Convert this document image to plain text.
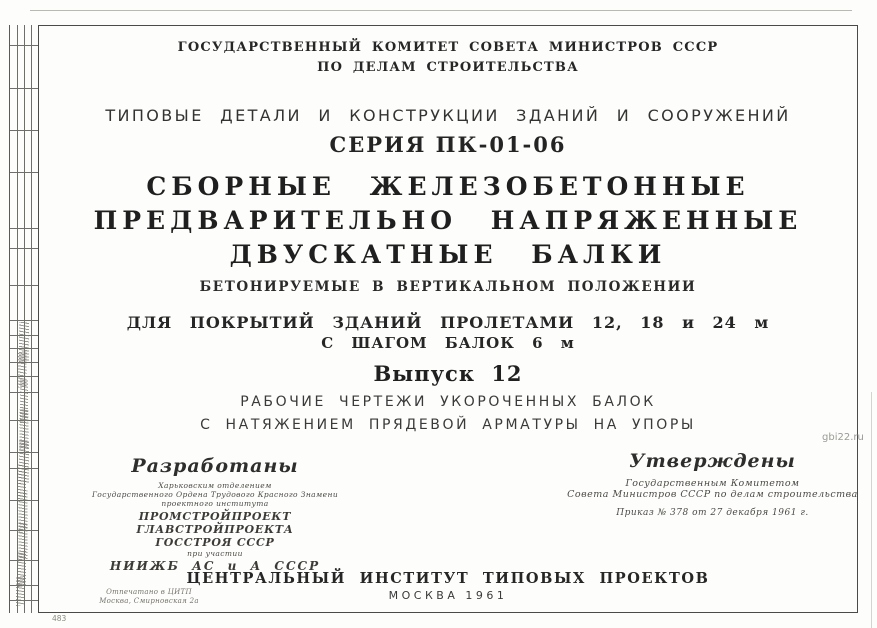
ГОСУДАРСТВЕННЫЙ КОМИТЕТ СОВЕТА МИНИСТРОВ СССР
ПО ДЕЛАМ СТРОИТЕЛЬСТВА
ТИПОВЫЕ ДЕТАЛИ И КОНСТРУКЦИИ ЗДАНИЙ И СООРУЖЕНИЙ
СЕРИЯ ПК-01-06
СБОРНЫЕ ЖЕЛЕЗОБЕТОННЫЕ
ПРЕДВАРИТЕЛЬНО НАПРЯЖЕННЫЕ
ДВУСКАТНЫЕ БАЛКИ
БЕТОНИРУЕМЫЕ В ВЕРТИКАЛЬНОМ ПОЛОЖЕНИИ
ДЛЯ ПОКРЫТИЙ ЗДАНИЙ ПРОЛЕТАМИ 12, 18 и 24 м
С ШАГОМ БАЛОК 6 м
Выпуск 12
РАБОЧИЕ ЧЕРТЕЖИ УКОРОЧЕННЫХ БАЛОК
С НАТЯЖЕНИЕМ ПРЯДЕВОЙ АРМАТУРЫ НА УПОРЫ
Разработаны
Харьковским отделением
Государственного Ордена Трудового Красного Знамени
проектного института
ПРОМСТРОЙПРОЕКТ ГЛАВСТРОЙПРОЕКТА
ГОССТРОЯ СССР
при участии
НИИЖБ АС и А СССР
Утверждены
Государственным Комитетом
Совета Министров СССР по делам строительства
Приказ № 378 от 27 декабря 1961 г.
ЦЕНТРАЛЬНЫЙ ИНСТИТУТ ТИПОВЫХ ПРОЕКТОВ
МОСКВА 1961
Отпечатано в ЦИТП
Москва, Смирновская 2а
483
gbi22.ru
